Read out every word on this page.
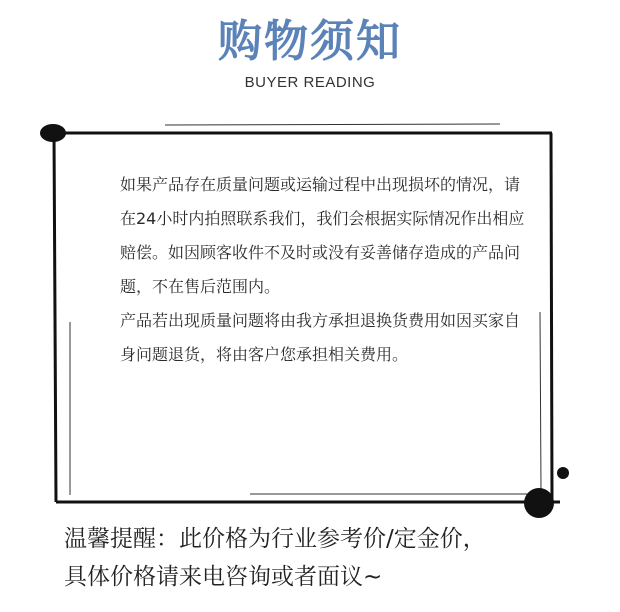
购物须知
BUYER READING

如果产品存在质量问题或运输过程中出现损坏的情况，请在24小时内拍照联系我们，我们会根据实际情况作出相应赔偿。如因顾客收件不及时或没有妥善储存造成的产品问题，不在售后范围内。

产品若出现质量问题将由我方承担退换货费用如因买家自身问题退货，将由客户您承担相关费用。

温馨提醒：此价格为行业参考价/定金价，
具体价格请来电咨询或者面议~
